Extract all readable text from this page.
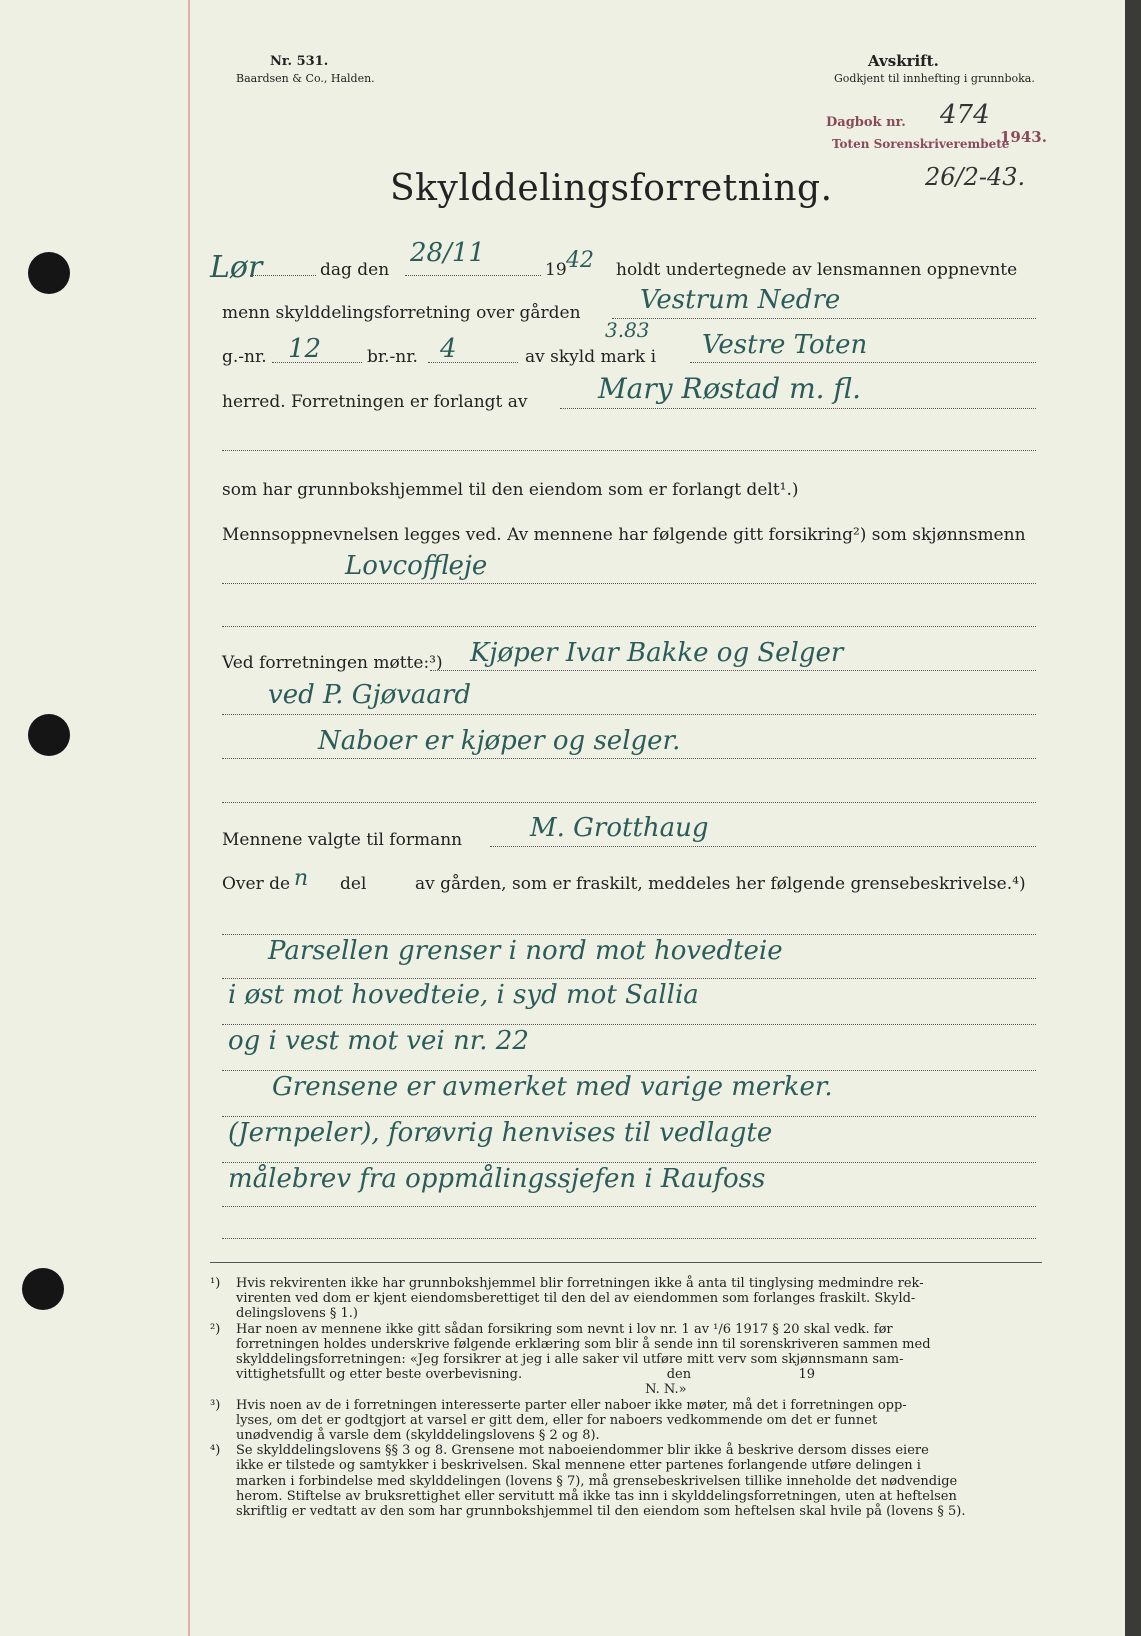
Nr. 531.
Baardsen & Co., Halden.
Avskrift.
Godkjent til innhefting i grunnboka.
Dagbok nr. 474
1943.
Toten Sorenskriverembete
26/2-43.
Skylddelingsforretning.
Lør	dag den
28/11
19 42 holdt undertegnede av lensmannen oppnevnte
menn skylddelingsforretning over gården Vestrum Nedre
g.-nr. 12	br.-nr. 4	av skyld mark i
3.83 Vestre Toten
herred. Forretningen er forlangt av	Mary Røstad m. fl.
som har grunnbokshjemmel til den eiendom som er forlangt delt¹.)
Mennsoppnevnelsen legges ved. Av mennene har følgende gitt forsikring²) som skjønnsmenn
Lovcoffleje
Ved forretningen møtte:³) Kjøper Ivar Bakke og Selger
ved P. Gjøvaard
Naboer er kjøper og selger.
Mennene valgte til formann	M. Grotthaug
Over de n del	av gården, som er fraskilt, meddeles her følgende grensebeskrivelse.⁴)
Parsellen grenser i nord mot hovedteie
i øst mot hovedteie, i syd mot Sallia
og i vest mot vei nr. 22
Grensene er avmerket med varige merker.
(Jernpeler), forøvrig henvises til vedlagte
målebrev fra oppmålingssjefen i Raufoss
¹) Hvis rekvirenten ikke har grunnbokshjemmel blir forretningen ikke å anta til tinglysing medmindre rek-
virenten ved dom er kjent eiendomsberettiget til den del av eiendommen som forlanges fraskilt. Skyld-
delingslovens § 1.)
²) Har noen av mennene ikke gitt sådan forsikring som nevnt i lov nr. 1 av ¹/6 1917 § 20 skal vedk. før
forretningen holdes underskrive følgende erklæring som blir å sende inn til sorenskriveren sammen med
skylddelingsforretningen: «Jeg forsikrer at jeg i alle saker vil utføre mitt verv som skjønnsmann sam-
vittighetsfullt og etter beste overbevisning.                                   den                          19
N. N.»
³) Hvis noen av de i forretningen interesserte parter eller naboer ikke møter, må det i forretningen opp-
lyses, om det er godtgjort at varsel er gitt dem, eller for naboers vedkommende om det er funnet
unødvendig å varsle dem (skylddelingslovens § 2 og 8).
⁴) Se skylddelingslovens §§ 3 og 8. Grensene mot naboeiendommer blir ikke å beskrive dersom disses eiere
ikke er tilstede og samtykker i beskrivelsen. Skal mennene etter partenes forlangende utføre delingen i
marken i forbindelse med skylddelingen (lovens § 7), må grensebeskrivelsen tillike inneholde det nødvendige
herom. Stiftelse av bruksrettighet eller servitutt må ikke tas inn i skylddelingsforretningen, uten at heftelsen
skriftlig er vedtatt av den som har grunnbokshjemmel til den eiendom som heftelsen skal hvile på (lovens § 5).
